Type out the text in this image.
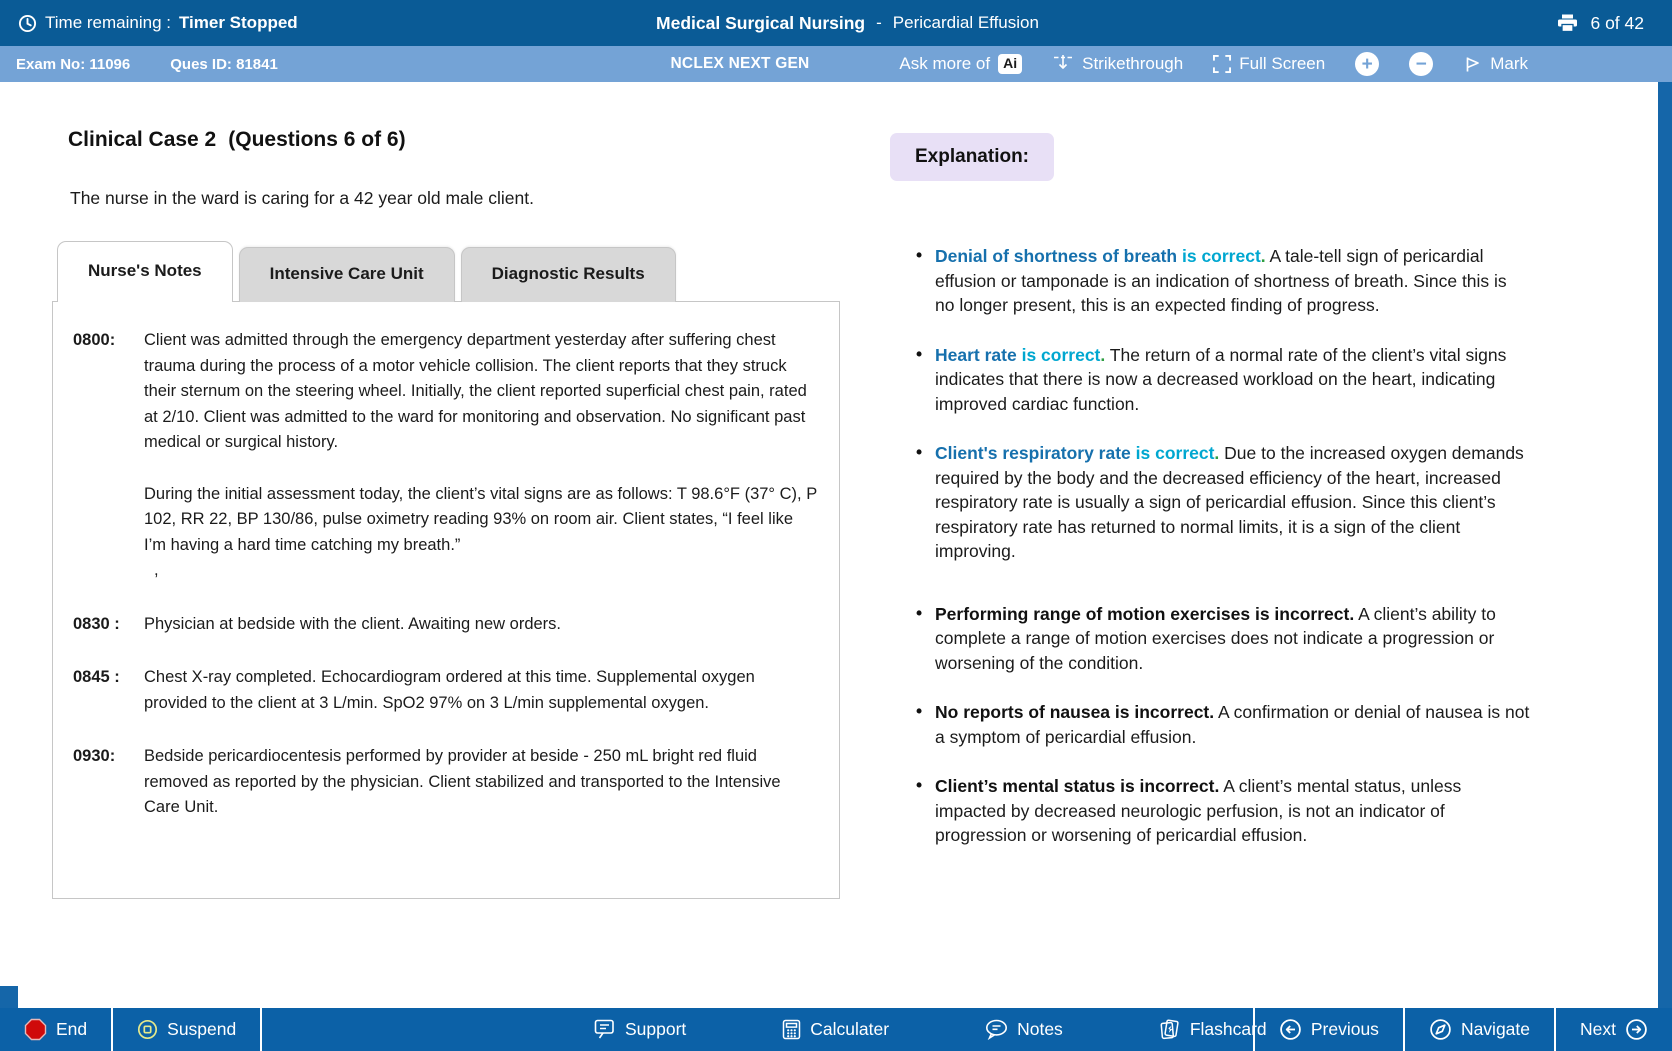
Time remaining : Timer Stopped	Medical Surgical Nursing - Pericardial Effusion	6 of 42
Exam No: 11096	Ques ID: 81841	NCLEX NEXT GEN	Ask more of Ai	Strikethrough	Full Screen	+	−	Mark
Clinical Case 2 (Questions 6 of 6)

The nurse in the ward is caring for a 42 year old male client.

Nurse's Notes	Intensive Care Unit	Diagnostic Results
0800:	Client was admitted through the emergency department yesterday after suffering chest trauma during the process of a motor vehicle collision. The client reports that they struck their sternum on the steering wheel. Initially, the client reported superficial chest pain, rated at 2/10. Client was admitted to the ward for monitoring and observation. No significant past medical or surgical history.

During the initial assessment today, the client’s vital signs are as follows: T 98.6°F (37° C), P 102, RR 22, BP 130/86, pulse oximetry reading 93% on room air. Client states, “I feel like I’m having a hard time catching my breath.”

,

0830 :	Physician at bedside with the client. Awaiting new orders.

0845 :	Chest X-ray completed. Echocardiogram ordered at this time. Supplemental oxygen provided to the client at 3 L/min. SpO2 97% on 3 L/min supplemental oxygen.

0930:	Bedside pericardiocentesis performed by provider at beside - 250 mL bright red fluid removed as reported by the physician. Client stabilized and transported to the Intensive Care Unit.

Explanation:
• Denial of shortness of breath is correct. A tale-tell sign of pericardial effusion or tamponade is an indication of shortness of breath. Since this is no longer present, this is an expected finding of progress.
• Heart rate is correct. The return of a normal rate of the client’s vital signs indicates that there is now a decreased workload on the heart, indicating improved cardiac function.
• Client's respiratory rate is correct. Due to the increased oxygen demands required by the body and the decreased efficiency of the heart, increased respiratory rate is usually a sign of pericardial effusion. Since this client’s respiratory rate has returned to normal limits, it is a sign of the client improving.
• Performing range of motion exercises is incorrect. A client’s ability to complete a range of motion exercises does not indicate a progression or worsening of the condition.
• No reports of nausea is incorrect. A confirmation or denial of nausea is not a symptom of pericardial effusion.
• Client’s mental status is incorrect. A client’s mental status, unless impacted by decreased neurologic perfusion, is not an indicator of progression or worsening of pericardial effusion.
End	Suspend	Support	Calculater	Notes	Flashcard	Previous	Navigate	Next
